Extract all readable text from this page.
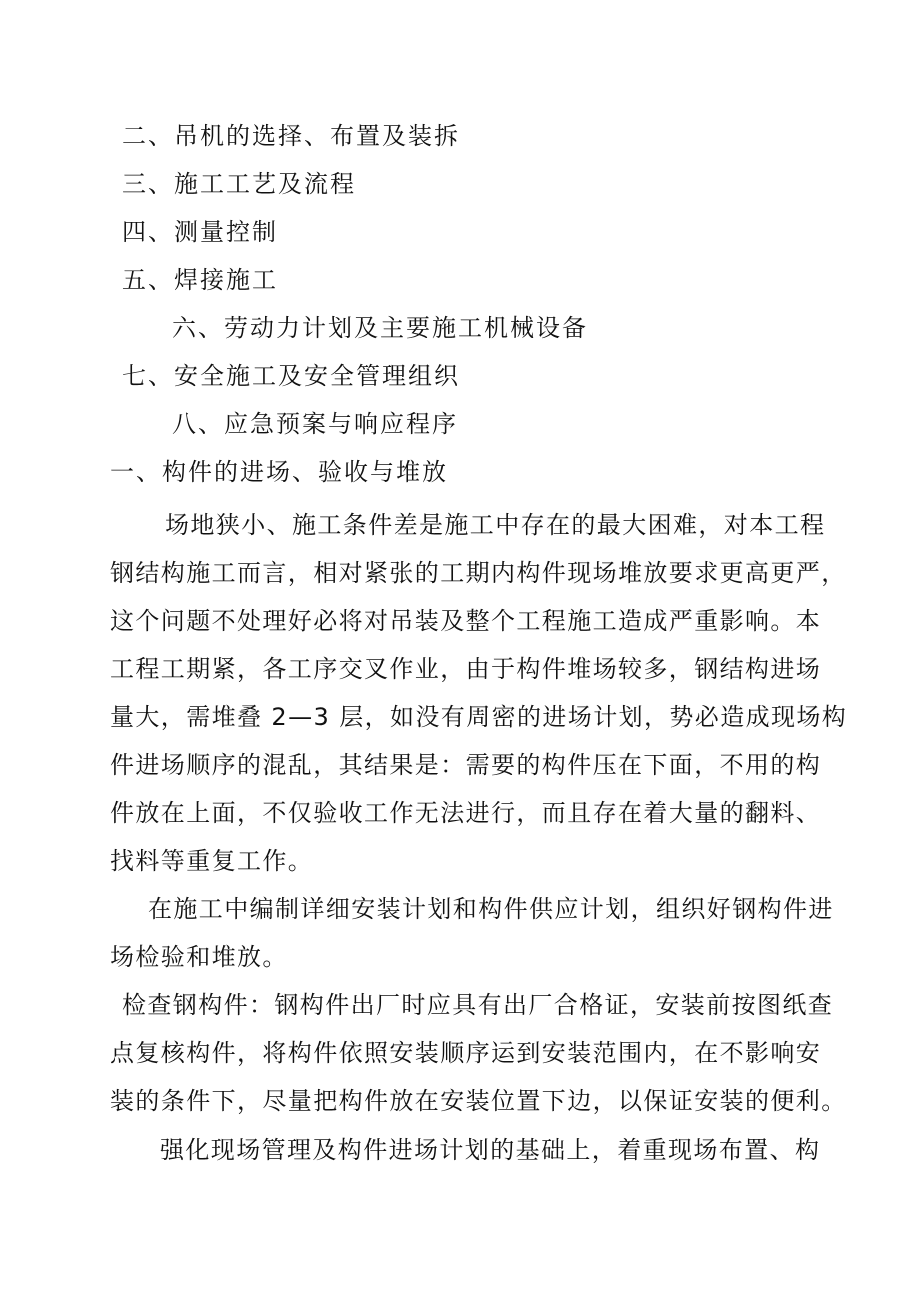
二、吊机的选择、布置及装拆
三、施工工艺及流程
四、测量控制
五、焊接施工
六、劳动力计划及主要施工机械设备
七、安全施工及安全管理组织
八、应急预案与响应程序
一、构件的进场、验收与堆放
场地狭小、施工条件差是施工中存在的最大困难，对本工程
钢结构施工而言，相对紧张的工期内构件现场堆放要求更高更严，
这个问题不处理好必将对吊装及整个工程施工造成严重影响。本
工程工期紧，各工序交叉作业，由于构件堆场较多，钢结构进场
量大，需堆叠 2—3 层，如没有周密的进场计划，势必造成现场构
件进场顺序的混乱，其结果是：需要的构件压在下面，不用的构
件放在上面，不仅验收工作无法进行，而且存在着大量的翻料、
找料等重复工作。
在施工中编制详细安装计划和构件供应计划，组织好钢构件进
场检验和堆放。
检查钢构件：钢构件出厂时应具有出厂合格证，安装前按图纸查
点复核构件，将构件依照安装顺序运到安装范围内，在不影响安
装的条件下，尽量把构件放在安装位置下边，以保证安装的便利。
强化现场管理及构件进场计划的基础上，着重现场布置、构
